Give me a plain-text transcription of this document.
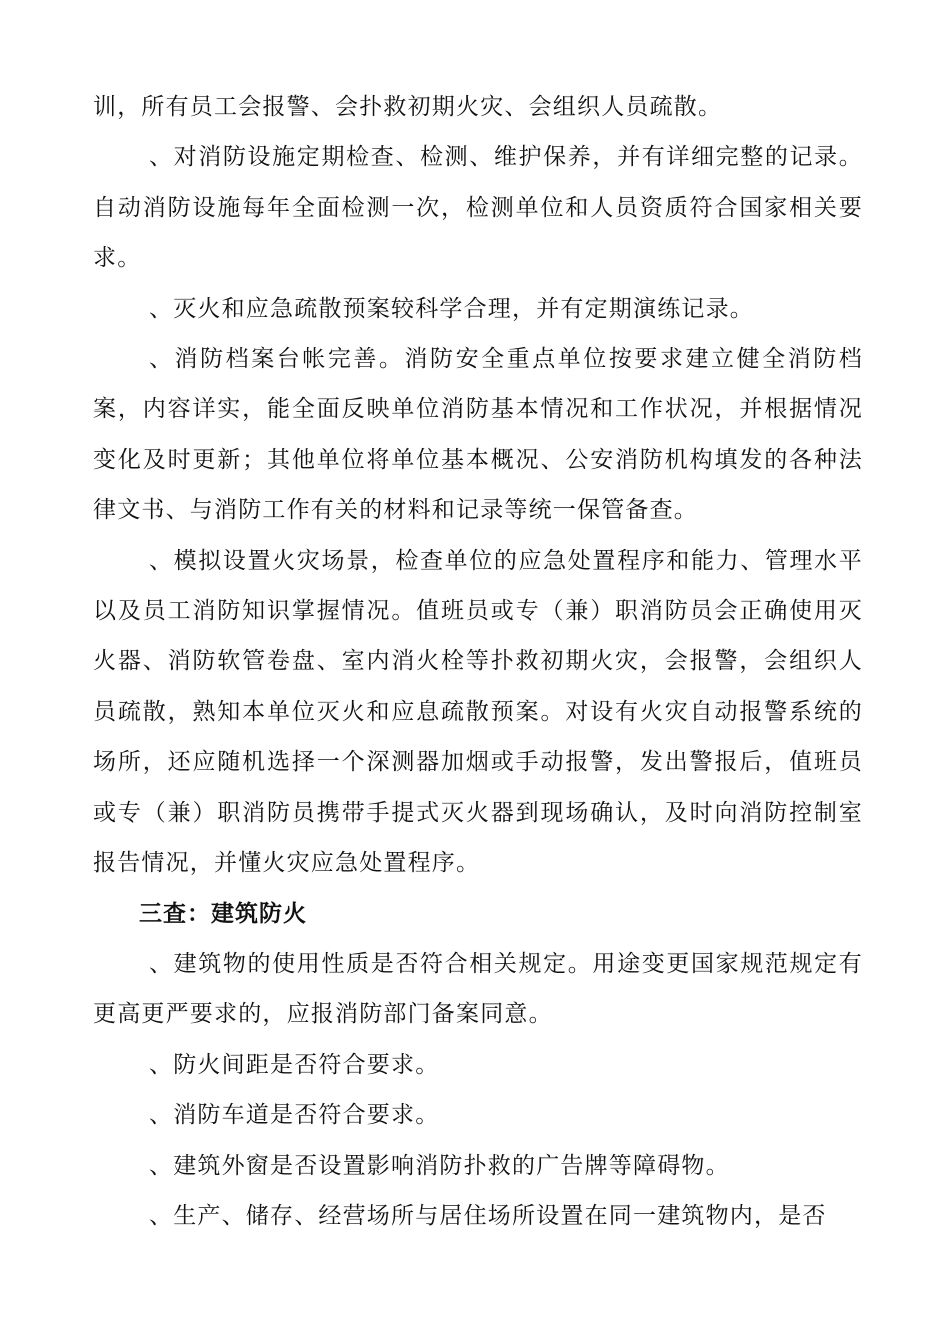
训，所有员工会报警、会扑救初期火灾、会组织人员疏散。

、对消防设施定期检查、检测、维护保养，并有详细完整的记录。自动消防设施每年全面检测一次，检测单位和人员资质符合国家相关要求。

、灭火和应急疏散预案较科学合理，并有定期演练记录。

、消防档案台帐完善。消防安全重点单位按要求建立健全消防档案，内容详实，能全面反映单位消防基本情况和工作状况，并根据情况变化及时更新；其他单位将单位基本概况、公安消防机构填发的各种法律文书、与消防工作有关的材料和记录等统一保管备查。

、模拟设置火灾场景，检查单位的应急处置程序和能力、管理水平以及员工消防知识掌握情况。值班员或专（兼）职消防员会正确使用灭火器、消防软管卷盘、室内消火栓等扑救初期火灾，会报警，会组织人员疏散，熟知本单位灭火和应息疏散预案。对设有火灾自动报警系统的场所，还应随机选择一个深测器加烟或手动报警，发出警报后，值班员或专（兼）职消防员携带手提式灭火器到现场确认，及时向消防控制室报告情况，并懂火灾应急处置程序。

三查：建筑防火

、建筑物的使用性质是否符合相关规定。用途变更国家规范规定有更高更严要求的，应报消防部门备案同意。

、防火间距是否符合要求。

、消防车道是否符合要求。

、建筑外窗是否设置影响消防扑救的广告牌等障碍物。

、生产、储存、经营场所与居住场所设置在同一建筑物内，是否
